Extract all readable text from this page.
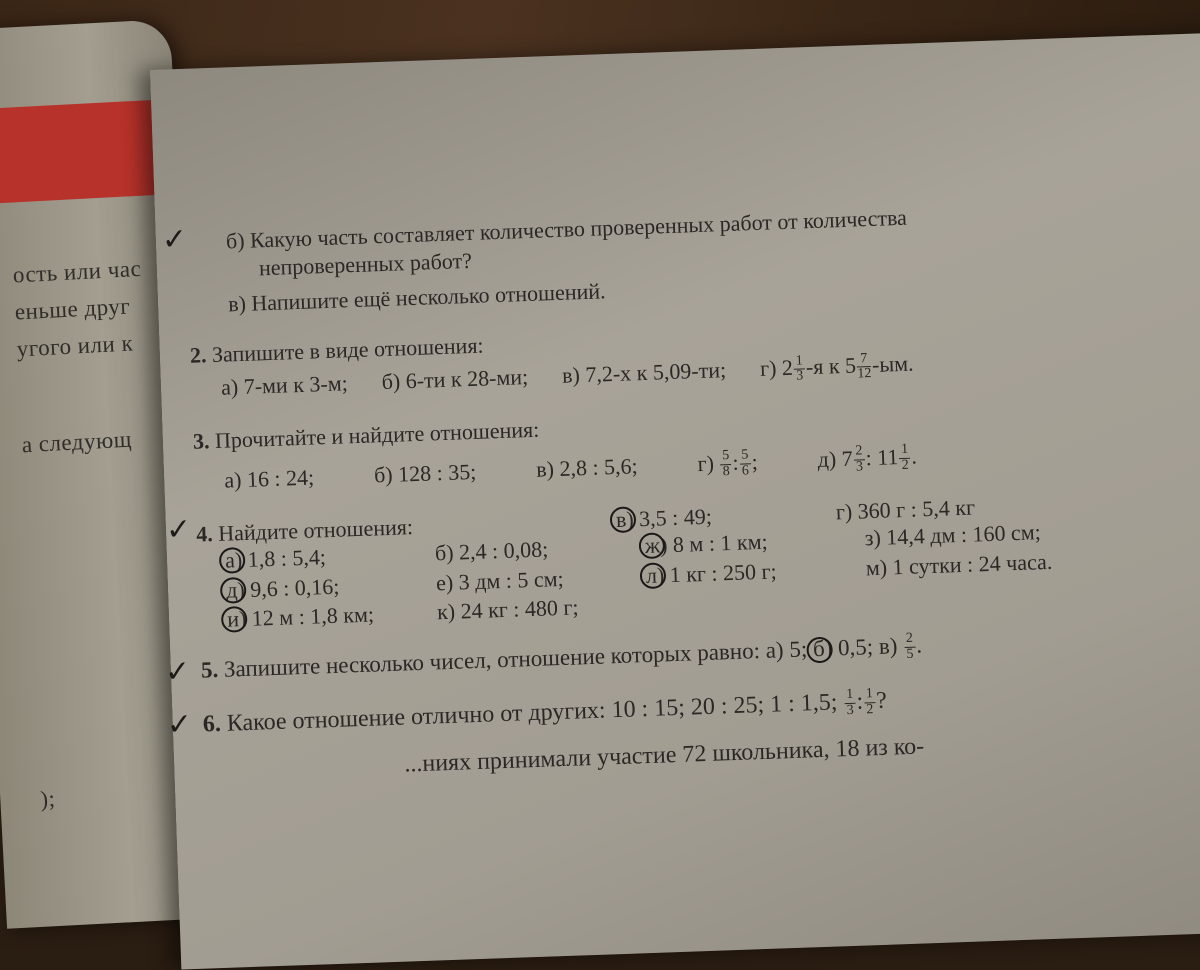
ость или час
еньше друг
угого или к
а следующ
);
б) Какую часть составляет количество проверенных работ от количества
непроверенных работ?
в) Напишите ещё несколько отношений.
✓
2. Запишите в виде отношения:
а) 7-ми к 3-м; б) 6-ти к 28-ми; в) 7,2-х к 5,09-ти; г) $2 \frac{1}{3} -я$ к $5 \frac{7}{12} -ым$.
3. Прочитайте и найдите отношения:
а) 16 : 24;	б) 128 : 35;	в) 2,8 : 5,6;	$г) \frac{5}{8}$ : $\frac{5}{6}$ ;	д) $7 \frac{2}{3}$ : $11 \frac{1}{2}$ .
✓ 4. Найдите отношения:	в) 3,5 : 49;	г) 360 г : 5,4 кг
а) 1,8 : 5,4;	б) 2,4 : 0,08;	ж) 8 м : 1 км;	з) 14,4 дм : 160 см;
д) 9,6 : 0,16;	е) 3 дм : 5 см;	л) 1 кг : 250 г;	м) 1 сутки : 24 часа.
и) 12 м : 1,8 км;	к) 24 кг : 480 г;
✓ 5. Запишите несколько чисел, отношение которых равно: а) 5; б) 0,5; $в) \frac{2}{5}$ .
✓ 6. Какое отношение отлично от других: 10 : 15; 20 : 25; 1 : 1,5; $\frac{1}{3}$ : $\frac{1}{2}$ ?
...ниях принимали участие 72 школьника, 18 из ко-
